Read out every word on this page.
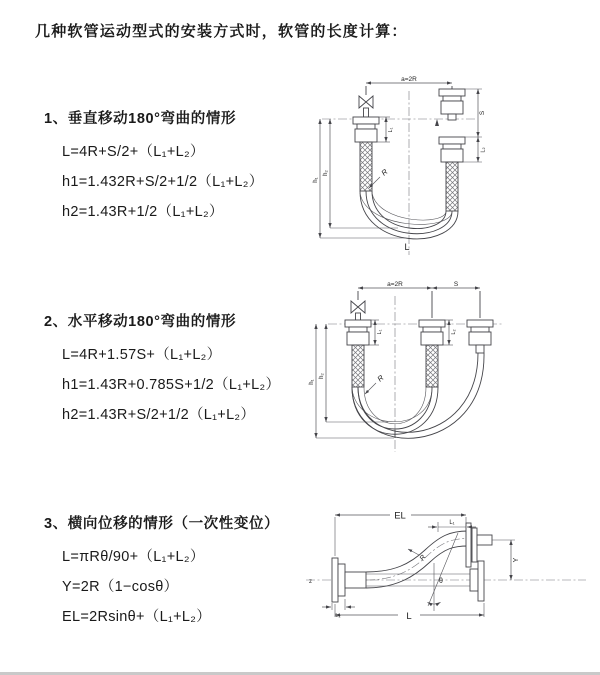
几种软管运动型式的安装方式时，软管的长度计算：
1、垂直移动180°弯曲的情形
L=4R+S/2+（L₁+L₂）
h1=1.432R+S/2+1/2（L₁+L₂）
h2=1.43R+1/2（L₁+L₂）
2、水平移动180°弯曲的情形
L=4R+1.57S+（L₁+L₂）
h1=1.43R+0.785S+1/2（L₁+L₂）
h2=1.43R+S/2+1/2（L₁+L₂）
3、横向位移的情形（一次性变位）
L=πRθ/90+（L₁+L₂）
Y=2R（1−cosθ）
EL=2Rsinθ+（L₁+L₂）
a=2R
S
L₂
h₁
h₂
L₁
R
L
a=2R	S
h₁
h₂
L₁	L₂
R
z
EL
L₁
Y
L
L₂
R
θ
